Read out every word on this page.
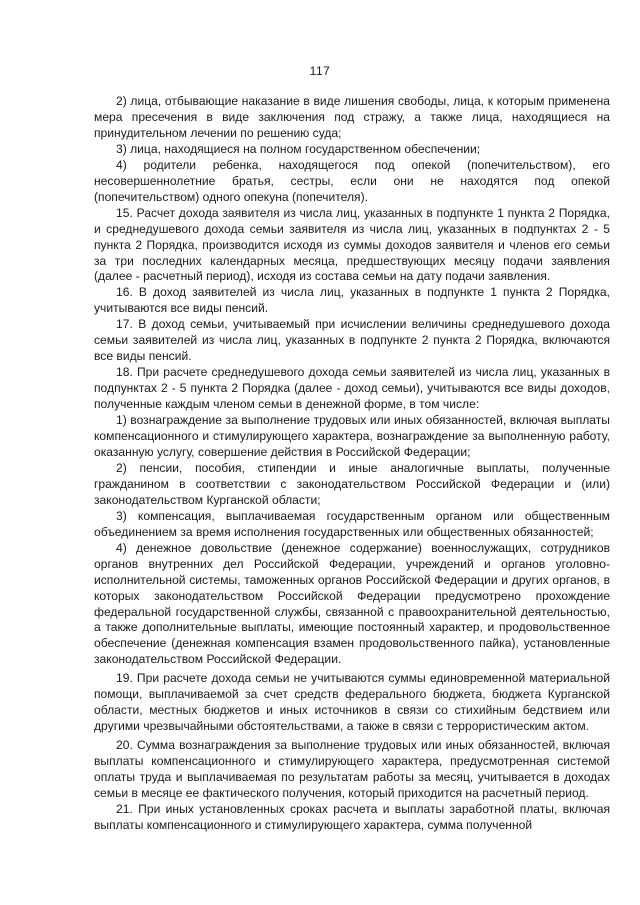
117

2) лица, отбывающие наказание в виде лишения свободы, лица, к которым применена мера пресечения в виде заключения под стражу, а также лица, находящиеся на принудительном лечении по решению суда;

3) лица, находящиеся на полном государственном обеспечении;

4) родители ребенка, находящегося под опекой (попечительством), его несовершеннолетние братья, сестры, если они не находятся под опекой (попечительством) одного опекуна (попечителя).

15. Расчет дохода заявителя из числа лиц, указанных в подпункте 1 пункта 2 Порядка, и среднедушевого дохода семьи заявителя из числа лиц, указанных в подпунктах 2 - 5 пункта 2 Порядка, производится исходя из суммы доходов заявителя и членов его семьи за три последних календарных месяца, предшествующих месяцу подачи заявления (далее - расчетный период), исходя из состава семьи на дату подачи заявления.

16. В доход заявителей из числа лиц, указанных в подпункте 1 пункта 2 Порядка, учитываются все виды пенсий.

17. В доход семьи, учитываемый при исчислении величины среднедушевого дохода семьи заявителей из числа лиц, указанных в подпункте 2 пункта 2 Порядка, включаются все виды пенсий.

18. При расчете среднедушевого дохода семьи заявителей из числа лиц, указанных в подпунктах 2 - 5 пункта 2 Порядка (далее - доход семьи), учитываются все виды доходов, полученные каждым членом семьи в денежной форме, в том числе:

1) вознаграждение за выполнение трудовых или иных обязанностей, включая выплаты компенсационного и стимулирующего характера, вознаграждение за выполненную работу, оказанную услугу, совершение действия в Российской Федерации;

2) пенсии, пособия, стипендии и иные аналогичные выплаты, полученные гражданином в соответствии с законодательством Российской Федерации и (или) законодательством Курганской области;

3) компенсация, выплачиваемая государственным органом или общественным объединением за время исполнения государственных или общественных обязанностей;

4) денежное довольствие (денежное содержание) военнослужащих, сотрудников органов внутренних дел Российской Федерации, учреждений и органов уголовно-исполнительной системы, таможенных органов Российской Федерации и других органов, в которых законодательством Российской Федерации предусмотрено прохождение федеральной государственной службы, связанной с правоохранительной деятельностью, а также дополнительные выплаты, имеющие постоянный характер, и продовольственное обеспечение (денежная компенсация взамен продовольственного пайка), установленные законодательством Российской Федерации.

19. При расчете дохода семьи не учитываются суммы единовременной материальной помощи, выплачиваемой за счет средств федерального бюджета, бюджета Курганской области, местных бюджетов и иных источников в связи со стихийным бедствием или другими чрезвычайными обстоятельствами, а также в связи с террористическим актом.

20. Сумма вознаграждения за выполнение трудовых или иных обязанностей, включая выплаты компенсационного и стимулирующего характера, предусмотренная системой оплаты труда и выплачиваемая по результатам работы за месяц, учитывается в доходах семьи в месяце ее фактического получения, который приходится на расчетный период.

21. При иных установленных сроках расчета и выплаты заработной платы, включая выплаты компенсационного и стимулирующего характера, сумма полученной
